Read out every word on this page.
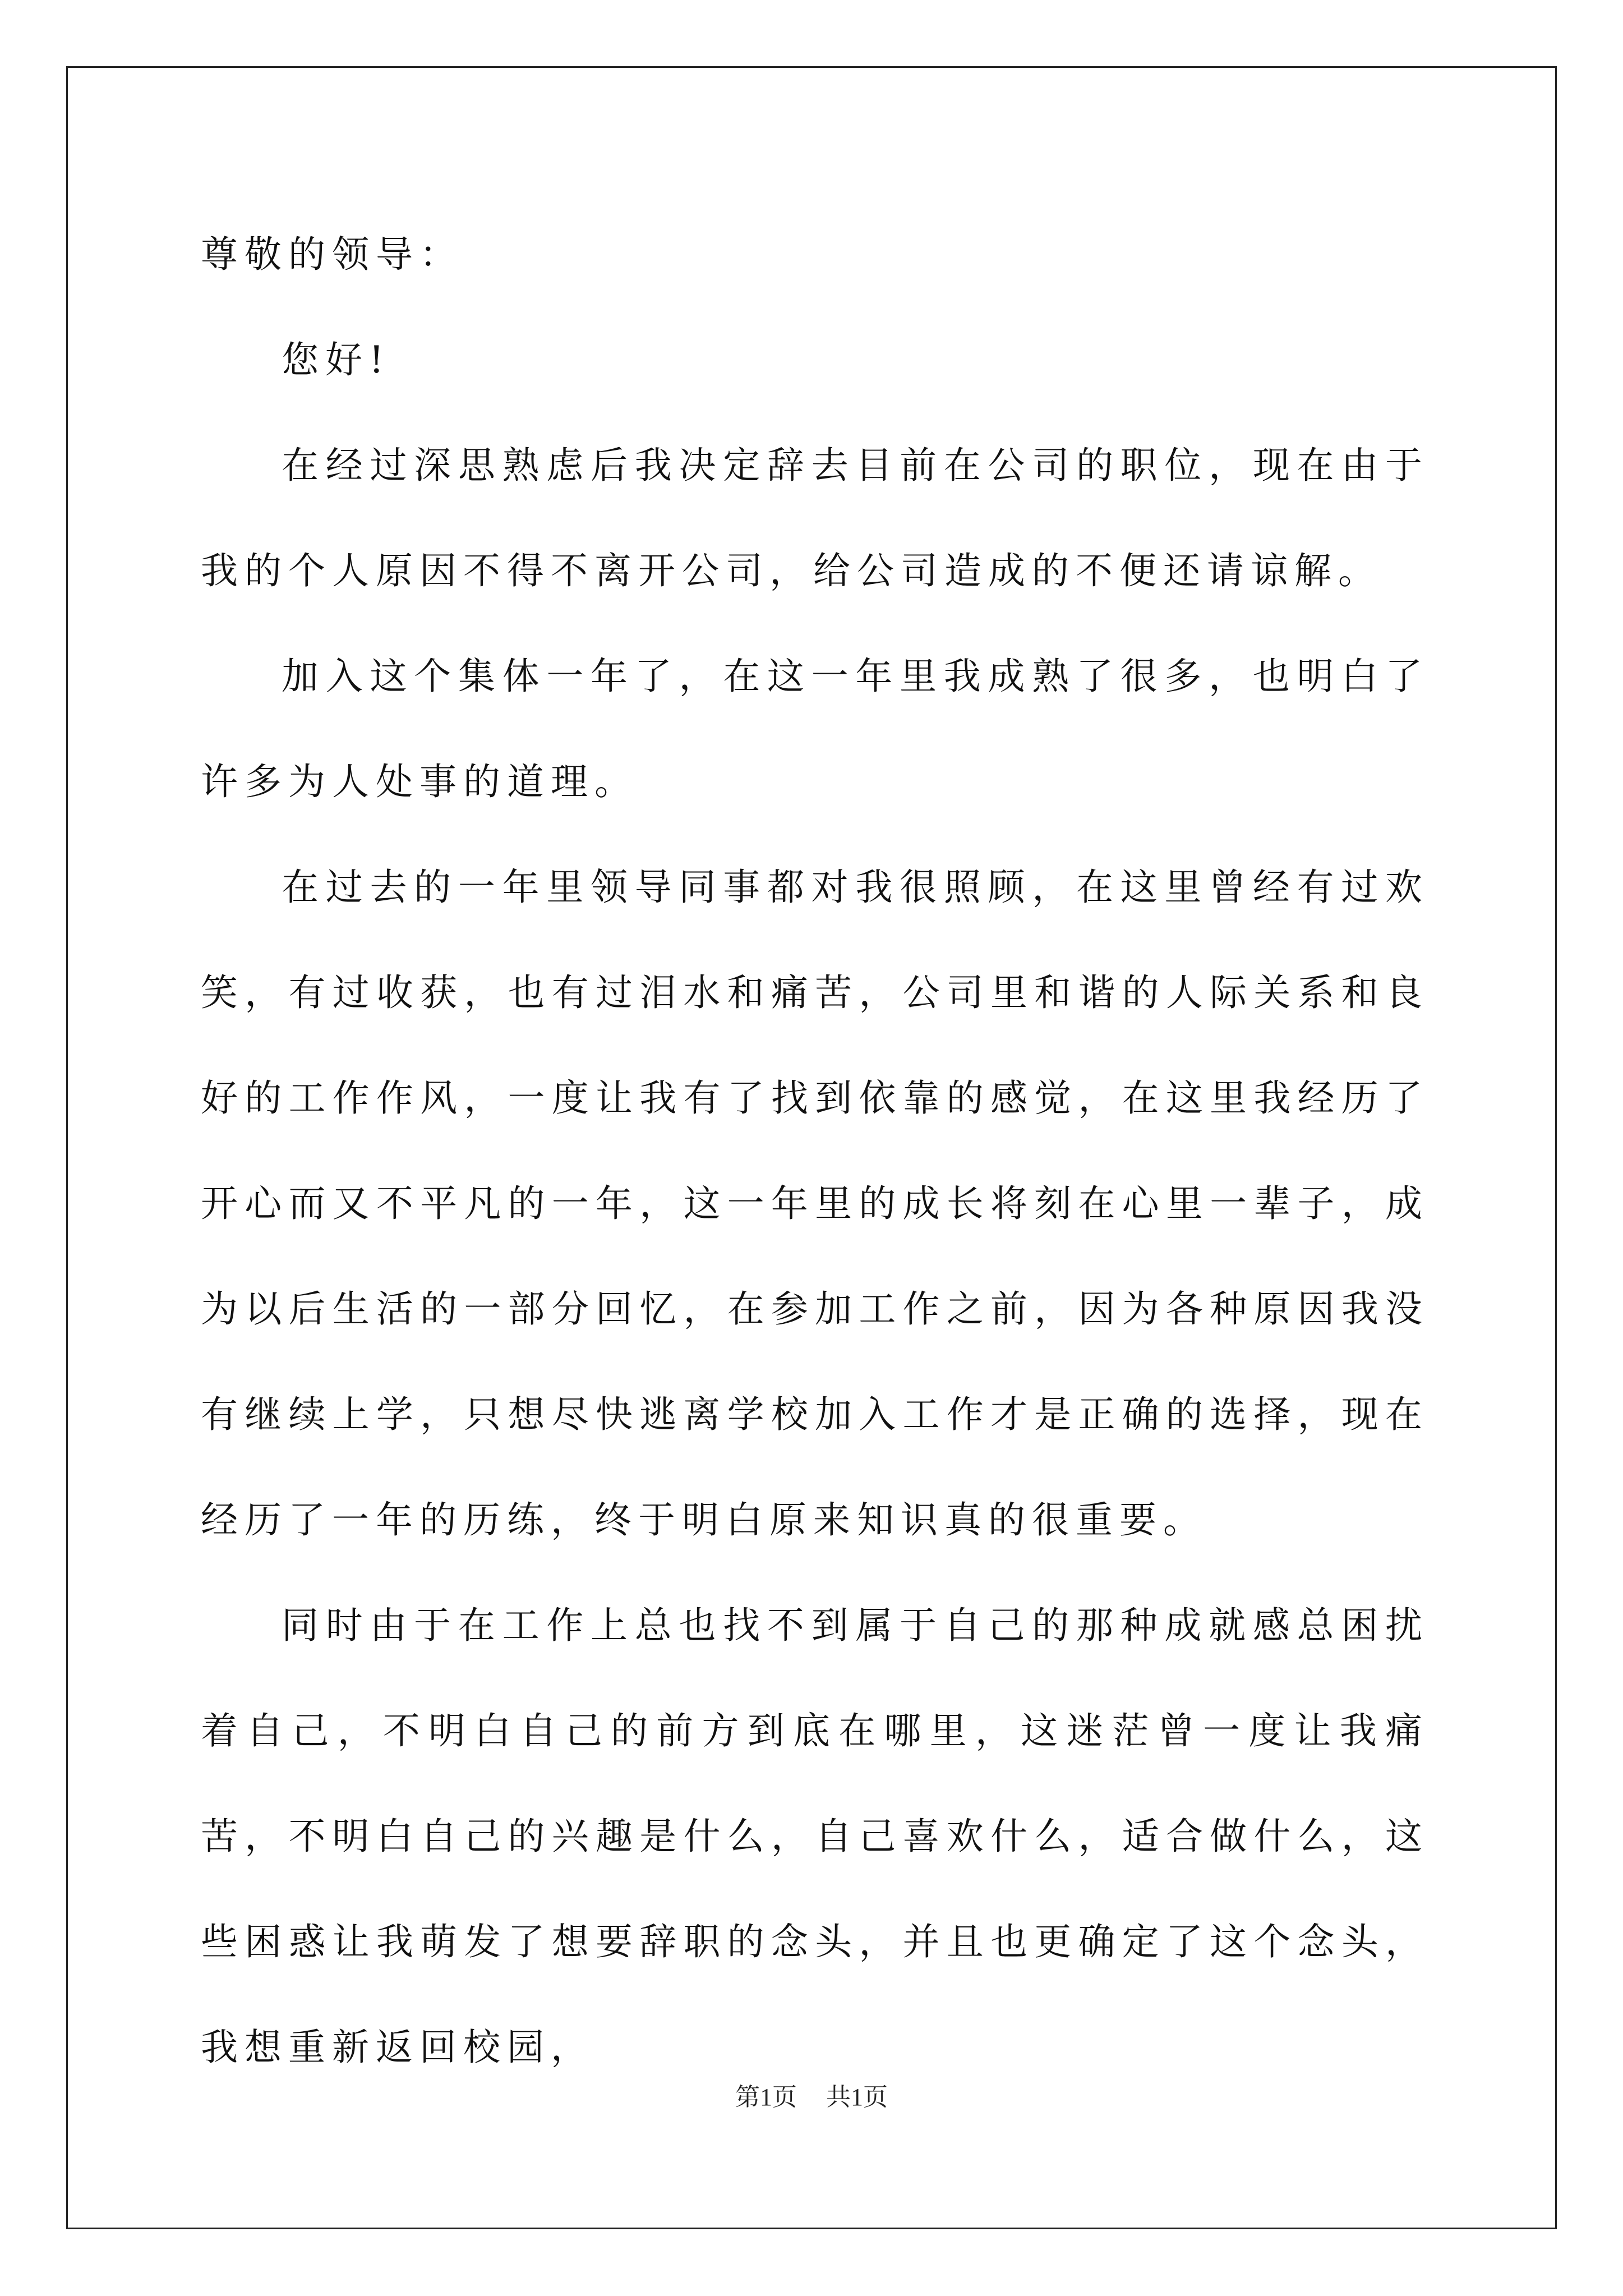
尊敬的领导：

您好!

在经过深思熟虑后我决定辞去目前在公司的职位，现在由于我的个人原因不得不离开公司，给公司造成的不便还请谅解。

加入这个集体一年了，在这一年里我成熟了很多，也明白了许多为人处事的道理。

在过去的一年里领导同事都对我很照顾，在这里曾经有过欢笑，有过收获，也有过泪水和痛苦，公司里和谐的人际关系和良好的工作作风，一度让我有了找到依靠的感觉，在这里我经历了开心而又不平凡的一年，这一年里的成长将刻在心里一辈子，成为以后生活的一部分回忆，在参加工作之前，因为各种原因我没有继续上学，只想尽快逃离学校加入工作才是正确的选择，现在经历了一年的历练，终于明白原来知识真的很重要。

同时由于在工作上总也找不到属于自己的那种成就感总困扰着自己，不明白自己的前方到底在哪里，这迷茫曾一度让我痛苦，不明白自己的兴趣是什么，自己喜欢什么，适合做什么，这些困惑让我萌发了想要辞职的念头，并且也更确定了这个念头，我想重新返回校园，

第1页 共1页
